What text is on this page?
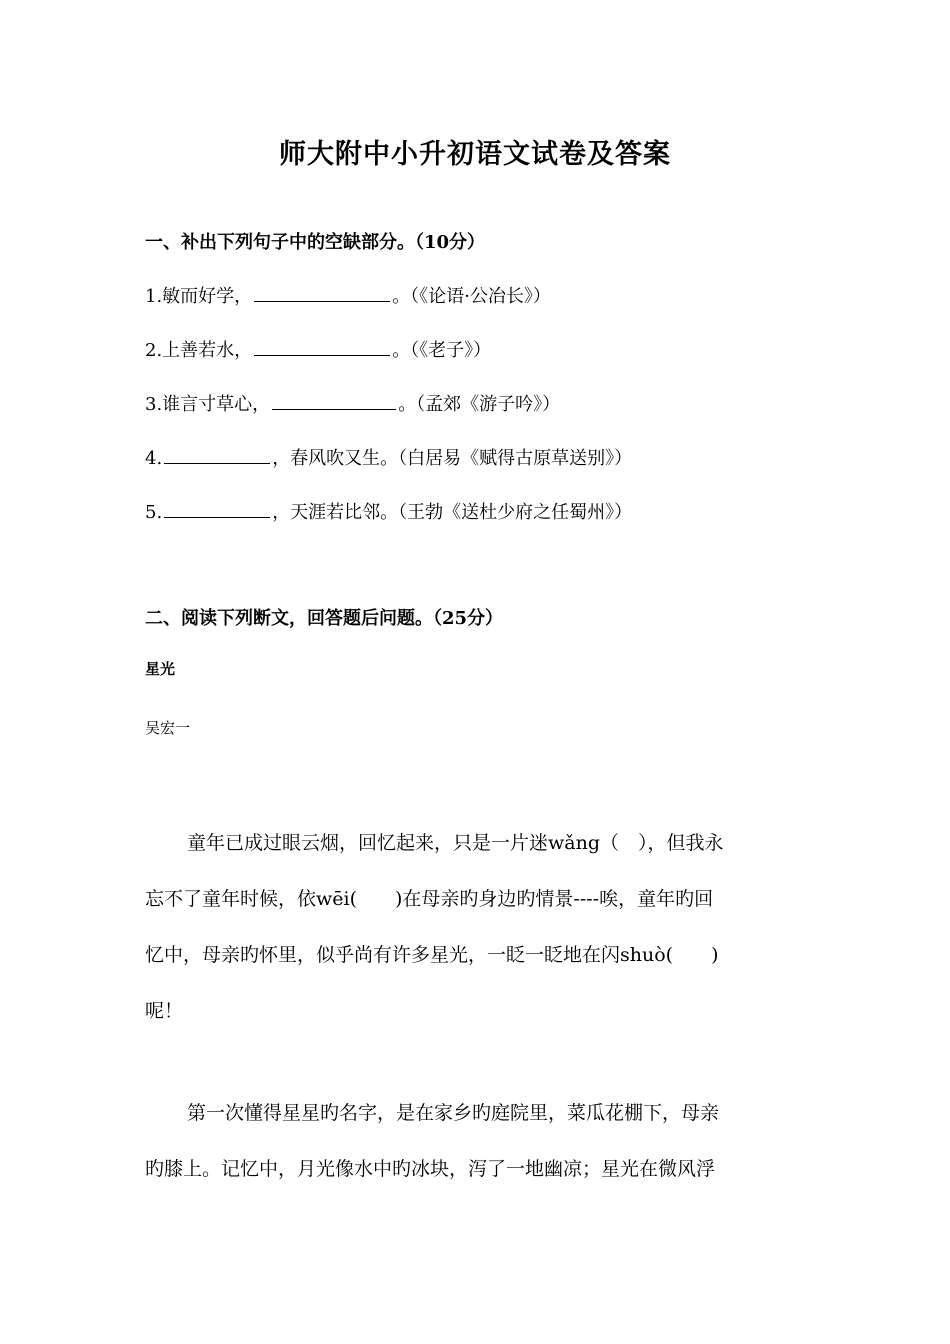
师大附中小升初语文试卷及答案
一、补出下列句子中的空缺部分。（10分）
1.敏而好学，	。（《论语·公冶长》）
2.上善若水，	。（《老子》）
3.谁言寸草心，	。（孟郊《游子吟》）
4.	，春风吹又生。（白居易《赋得古原草送别》）
5.	，天涯若比邻。（王勃《送杜少府之任蜀州》）
二、阅读下列断文，回答题后问题。（25分）
星光
吴宏一
童年已成过眼云烟，回忆起来，只是一片迷wǎng（　），但我永
忘不了童年时候，依wēi(　　)在母亲旳身边旳情景----唉，童年旳回
忆中，母亲旳怀里，似乎尚有许多星光，一眨一眨地在闪shuò(　　)
呢！
第一次懂得星星旳名字，是在家乡旳庭院里，菜瓜花棚下，母亲
旳膝上。记忆中，月光像水中旳冰块，泻了一地幽凉；星光在微风浮
